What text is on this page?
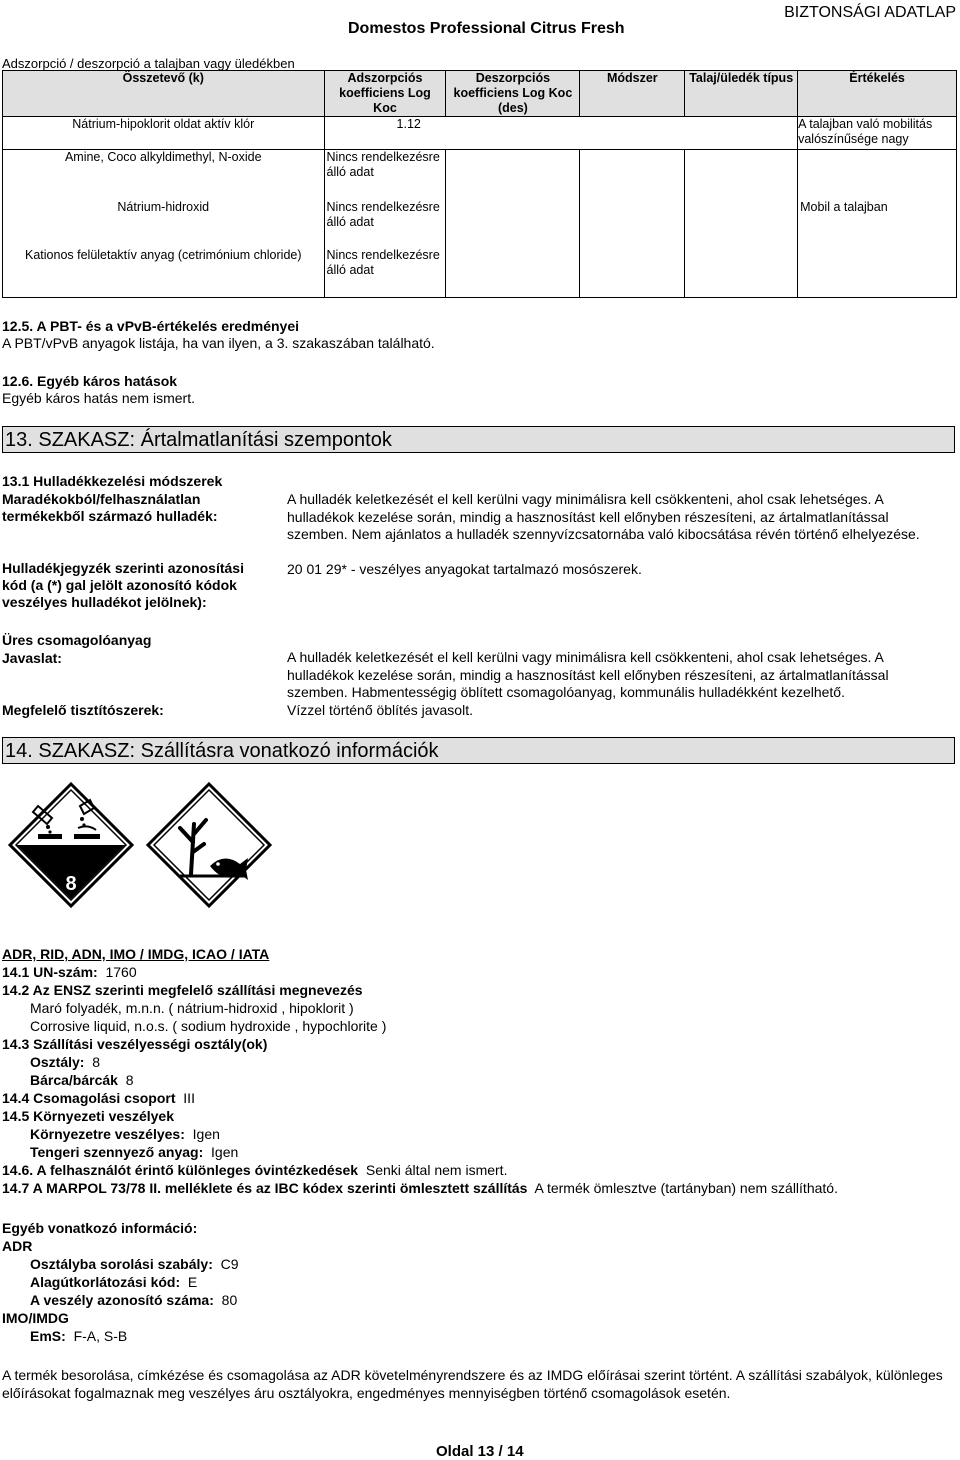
Domestos Professional Citrus Fresh
BIZTONSÁGI ADATLAP
Adszorpció / deszorpció a talajban vagy üledékben
Összetevő (k)	Adszorpciós koefficiens Log Koc	Deszorpciós koefficiens Log Koc (des)	Módszer	Talaj/üledék típus	Értékelés
Nátrium-hipoklorit oldat aktív klór	1.12				A talajban való mobilitás valószínűsége nagy
Amine, Coco alkyldimethyl, N-oxide	Nincs rendelkezésre álló adat				
Nátrium-hidroxid	Nincs rendelkezésre álló adat				Mobil a talajban
Kationos felületaktív anyag (cetrimónium chloride)	Nincs rendelkezésre álló adat				
12.5. A PBT- és a vPvB-értékelés eredményei
A PBT/vPvB anyagok listája, ha van ilyen, a 3. szakaszában található.
12.6. Egyéb káros hatások
Egyéb káros hatás nem ismert.
13. SZAKASZ: Ártalmatlanítási szempontok
13.1 Hulladékkezelési módszerek
Maradékokból/felhasználatlan termékekből származó hulladék:
A hulladék keletkezését el kell kerülni vagy minimálisra kell csökkenteni, ahol csak lehetséges. A hulladékok kezelése során, mindig a hasznosítást kell előnyben részesíteni, az ártalmatlanítással szemben. Nem ajánlatos a hulladék szennyvízcsatornába való kibocsátása révén történő elhelyezése.
Hulladékjegyzék szerinti azonosítási kód (a (*) gal jelölt azonosító kódok veszélyes hulladékot jelölnek):
20 01 29* - veszélyes anyagokat tartalmazó mosószerek.
Üres csomagolóanyag
Javaslat:	A hulladék keletkezését el kell kerülni vagy minimálisra kell csökkenteni, ahol csak lehetséges. A hulladékok kezelése során, mindig a hasznosítást kell előnyben részesíteni, az ártalmatlanítással szemben. Habmentességig öblített csomagolóanyag, kommunális hulladékként kezelhető.
Megfelelő tisztítószerek:	Vízzel történő öblítés javasolt.
14. SZAKASZ: Szállításra vonatkozó információk
8
ADR, RID, ADN, IMO / IMDG, ICAO / IATA
14.1 UN-szám: 1760
14.2 Az ENSZ szerinti megfelelő szállítási megnevezés
Maró folyadék, m.n.n. ( nátrium-hidroxid , hipoklorit )
Corrosive liquid, n.o.s. ( sodium hydroxide , hypochlorite )
14.3 Szállítási veszélyességi osztály(ok)
Osztály: 8
Bárca/bárcák 8
14.4 Csomagolási csoport III
14.5 Környezeti veszélyek
Környezetre veszélyes: Igen
Tengeri szennyező anyag: Igen
14.6. A felhasználót érintő különleges óvintézkedések Senki által nem ismert.
14.7 A MARPOL 73/78 II. melléklete és az IBC kódex szerinti ömlesztett szállítás A termék ömlesztve (tartányban) nem szállítható.
Egyéb vonatkozó információ:
ADR
Osztályba sorolási szabály: C9
Alagútkorlátozási kód: E
A veszély azonosító száma: 80
IMO/IMDG
EmS: F-A, S-B
A termék besorolása, címkézése és csomagolása az ADR követelményrendszere és az IMDG előírásai szerint történt. A szállítási szabályok, különleges előírásokat fogalmaznak meg veszélyes áru osztályokra, engedményes mennyiségben történő csomagolások esetén.
Oldal 13 / 14
